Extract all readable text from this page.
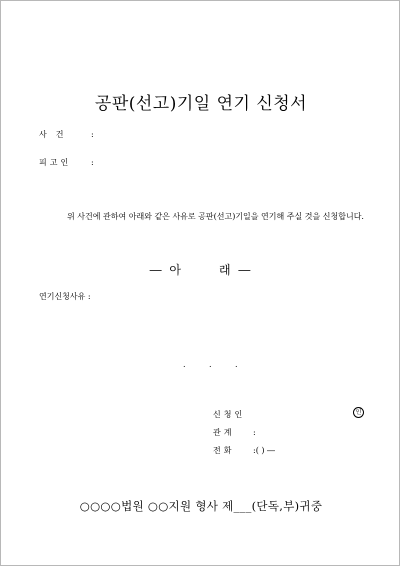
공판(선고)기일 연기 신청서
사건 :
피고인 :
위 사건에 관하여 아래와 같은 사유로 공판(선고)기일을 연기해 주실 것을 신청합니다.
― 아	래 ―
연기신청사유 :
.	.	.
신청인	인
관계 :
전화 :( ) ―
○○○○법원 ○○지원 형사 제___(단독,부)귀중
